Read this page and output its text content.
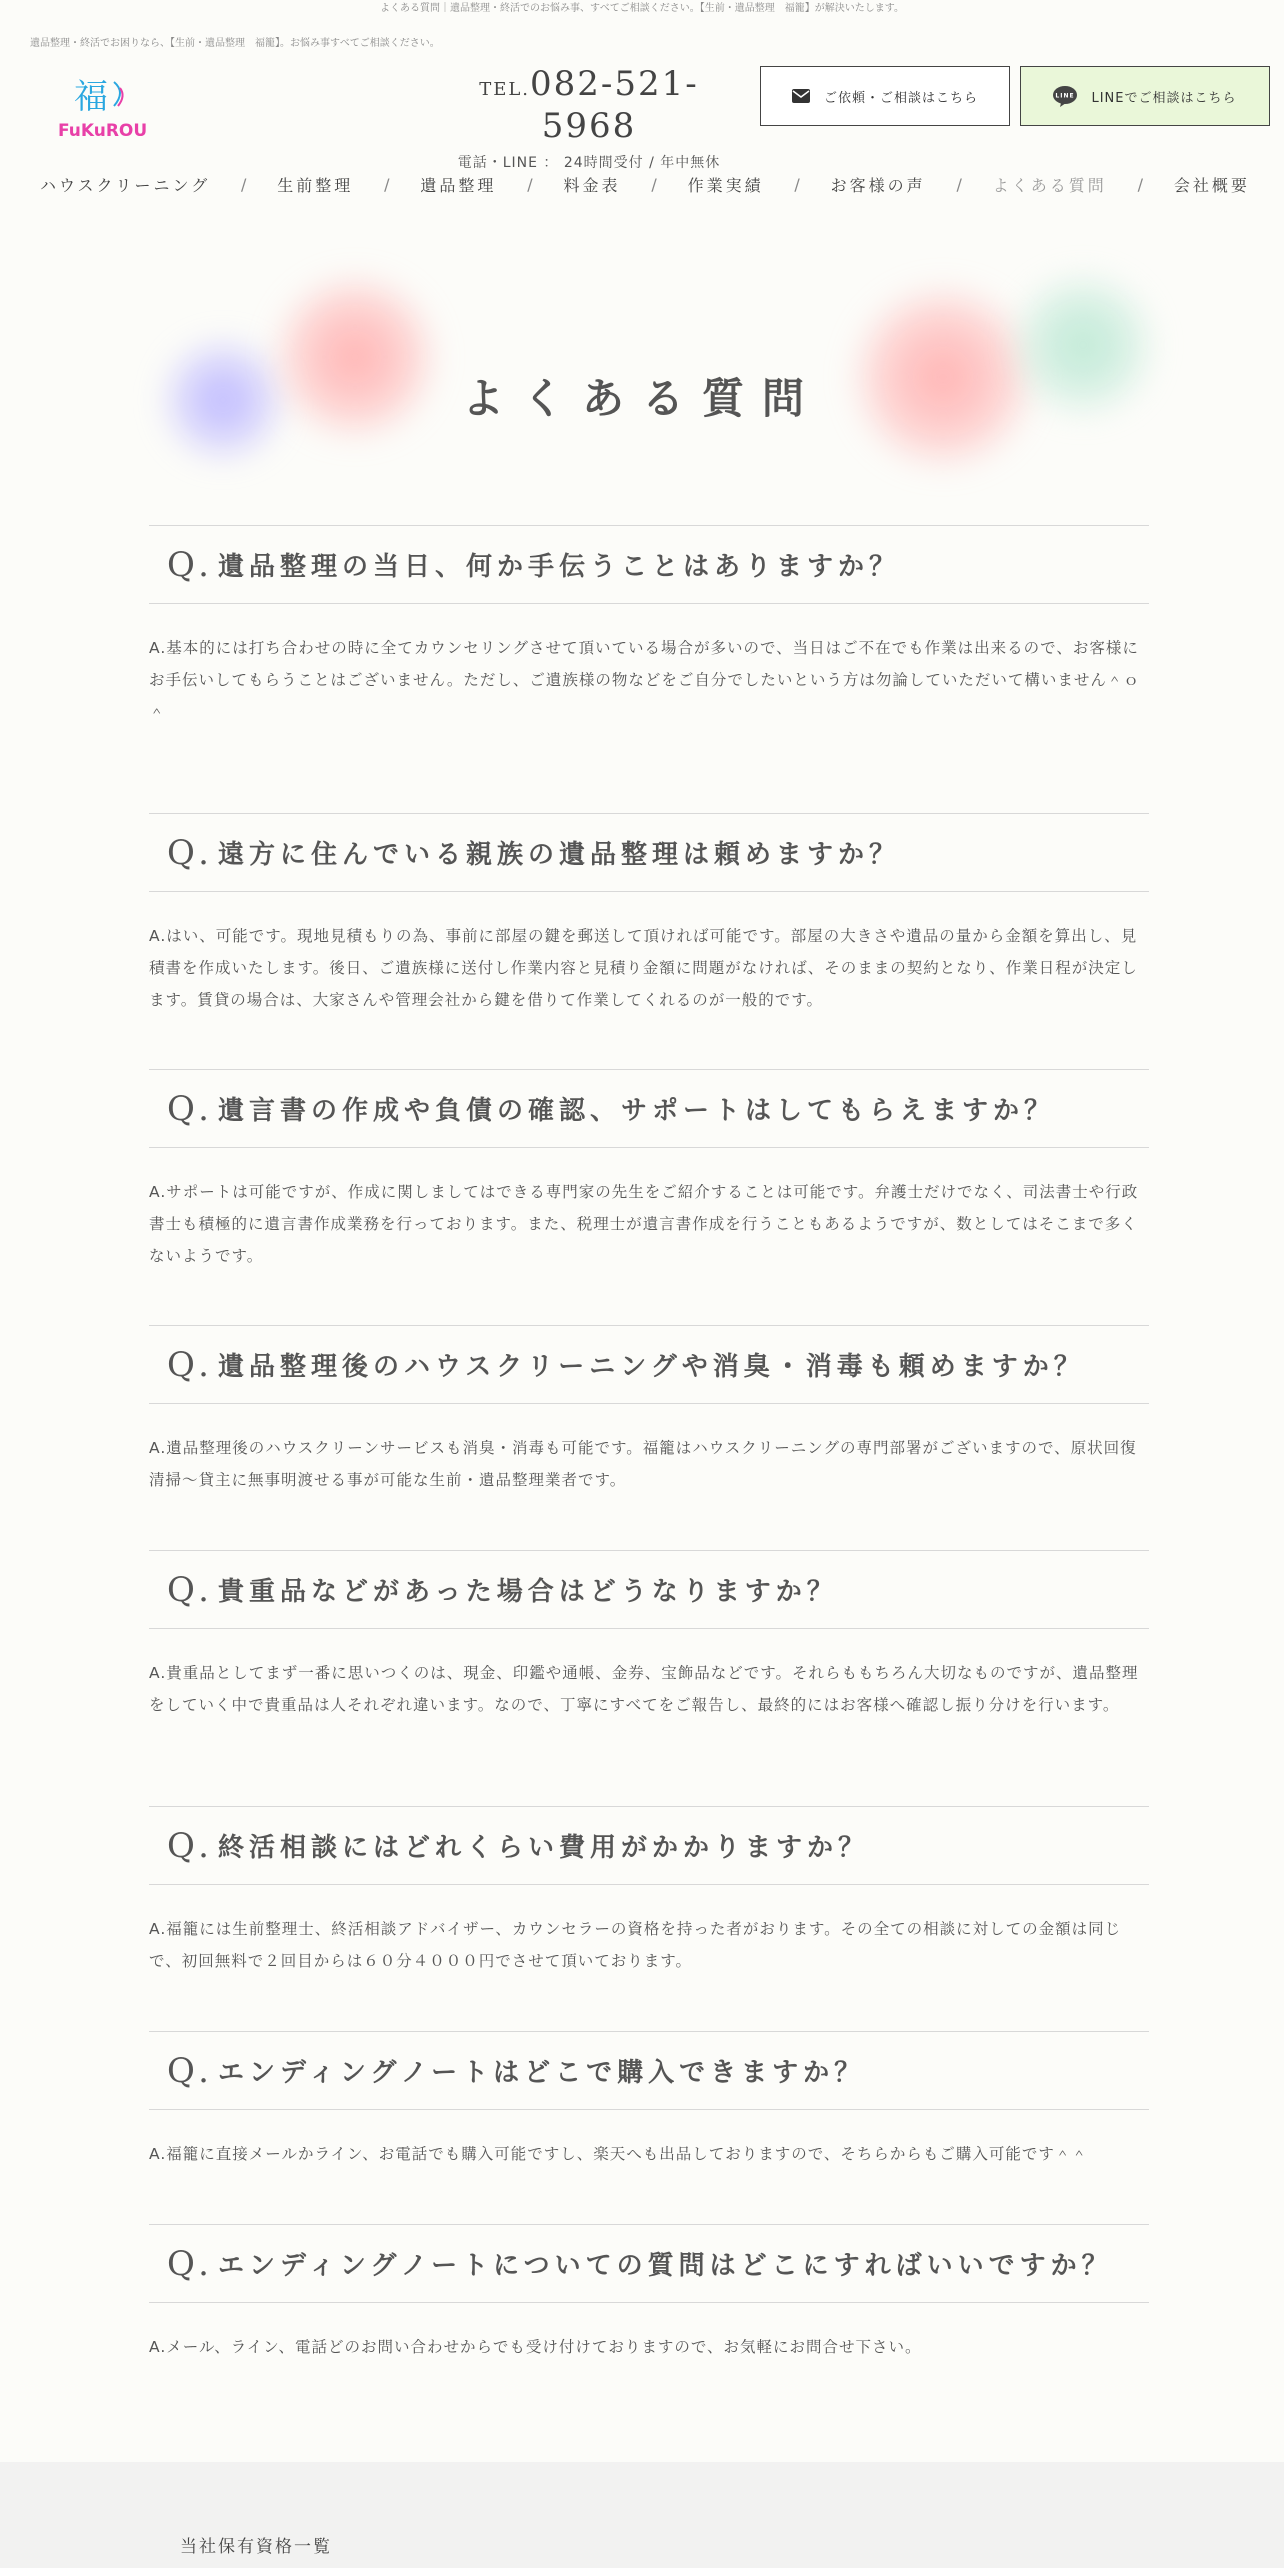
よくある質問｜遺品整理・終活でのお悩み事、すべてご相談ください。【生前・遺品整理　福籠】が解決いたします。
遺品整理・終活でお困りなら、【生前・遺品整理　福籠】。お悩み事すべてご相談ください。
福
FuKuROU
TEL.082-521-5968
電話・LINE ： 24時間受付 / 年中無休
ご依頼・ご相談はこちら	LINE LINEでご相談はこちら
ハウスクリーニング / 生前整理 / 遺品整理 / 料金表 / 作業実績 / お客様の声 / よくある質問 / 会社概要
よくある質問
Q. 遺品整理の当日、何か手伝うことはありますか？
A.基本的には打ち合わせの時に全てカウンセリングさせて頂いている場合が多いので、当日はご不在でも作業は出来るので、お客様にお手伝いしてもらうことはございません。ただし、ご遺族様の物などをご自分でしたいという方は勿論していただいて構いません＾ｏ＾
Q. 遠方に住んでいる親族の遺品整理は頼めますか？
A.はい、可能です。現地見積もりの為、事前に部屋の鍵を郵送して頂ければ可能です。部屋の大きさや遺品の量から金額を算出し、見積書を作成いたします。後日、ご遺族様に送付し作業内容と見積り金額に問題がなければ、そのままの契約となり、作業日程が決定します。賃貸の場合は、大家さんや管理会社から鍵を借りて作業してくれるのが一般的です。
Q. 遺言書の作成や負債の確認、サポートはしてもらえますか？
A.サポートは可能ですが、作成に関しましてはできる専門家の先生をご紹介することは可能です。弁護士だけでなく、司法書士や行政書士も積極的に遺言書作成業務を行っております。また、税理士が遺言書作成を行うこともあるようですが、数としてはそこまで多くないようです。
Q. 遺品整理後のハウスクリーニングや消臭・消毒も頼めますか？
A.遺品整理後のハウスクリーンサービスも消臭・消毒も可能です。福籠はハウスクリーニングの専門部署がございますので、原状回復清掃〜貸主に無事明渡せる事が可能な生前・遺品整理業者です。
Q. 貴重品などがあった場合はどうなりますか？
A.貴重品としてまず一番に思いつくのは、現金、印鑑や通帳、金券、宝飾品などです。それらももちろん大切なものですが、遺品整理をしていく中で貴重品は人それぞれ違います。なので、丁寧にすべてをご報告し、最終的にはお客様へ確認し振り分けを行います。
Q. 終活相談にはどれくらい費用がかかりますか？
A.福籠には生前整理士、終活相談アドバイザー、カウンセラーの資格を持った者がおります。その全ての相談に対しての金額は同じで、初回無料で２回目からは６０分４０００円でさせて頂いております。
Q. エンディングノートはどこで購入できますか？
A.福籠に直接メールかライン、お電話でも購入可能ですし、楽天へも出品しておりますので、そちらからもご購入可能です＾＾
Q. エンディングノートについての質問はどこにすればいいですか？
A.メール、ライン、電話どのお問い合わせからでも受け付けておりますので、お気軽にお問合せ下さい。
当社保有資格一覧
